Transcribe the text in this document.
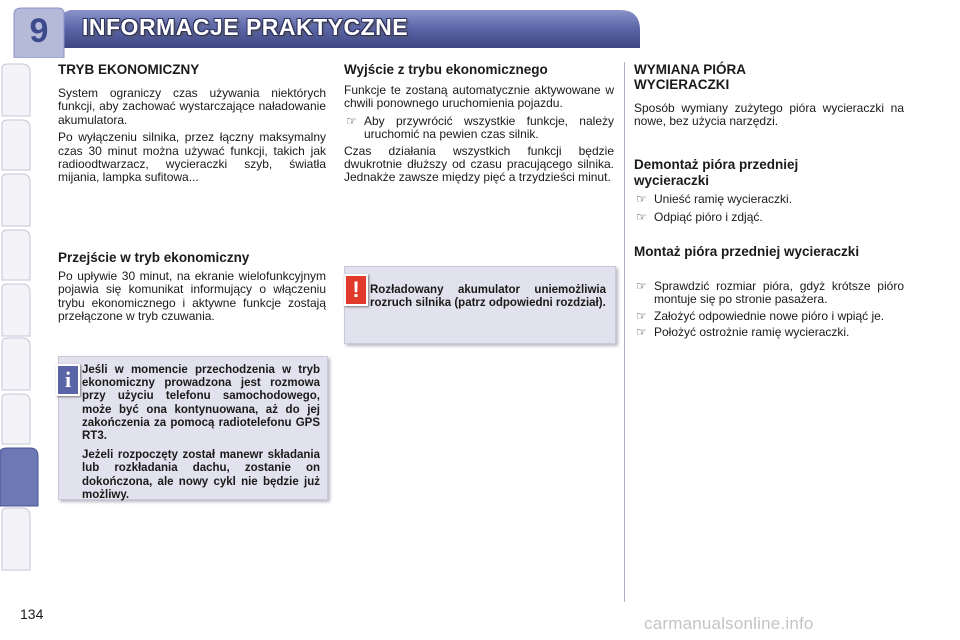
9	INFORMACJE PRAKTYCZNE
TRYB EKONOMICZNY

System ograniczy czas używania niektórych funkcji, aby zachować wystarczające naładowanie akumulatora.

Po wyłączeniu silnika, przez łączny maksymalny czas 30 minut można używać funkcji, takich jak radioodtwarzacz, wycieraczki szyb, światła mijania, lampka sufitowa...

Przejście w tryb ekonomiczny
Po upływie 30 minut, na ekranie wielofunkcyjnym pojawia się komunikat informujący o włączeniu trybu ekonomicznego i aktywne funkcje zostają przełączone w tryb czuwania.
i Jeśli w momencie przechodzenia w tryb ekonomiczny prowadzona jest rozmowa przy użyciu telefonu samochodowego, może być ona kontynuowana, aż do jej zakończenia za pomocą radiotelefonu GPS RT3.

Jeżeli rozpoczęty został manewr składania lub rozkładania dachu, zostanie on dokończona, ale nowy cykl nie będzie już możliwy.

Wyjście z trybu ekonomicznego

Funkcje te zostaną automatycznie aktywowane w chwili ponownego uruchomienia pojazdu.

☞ Aby przywrócić wszystkie funkcje, należy uruchomić na pewien czas silnik.

Czas działania wszystkich funkcji będzie dwukrotnie dłuższy od czasu pracującego silnika. Jednakże zawsze między pięć a trzydzieści minut.

! Rozładowany akumulator uniemożliwia rozruch silnika (patrz odpowiedni rozdział).
WYMIANA PIÓRA WYCIERACZKI
Sposób wymiany zużytego pióra wycieraczki na nowe, bez użycia narzędzi.
Demontaż pióra przedniej wycieraczki
☞ Unieść ramię wycieraczki.
☞ Odpiąć pióro i zdjąć.
Montaż pióra przedniej wycieraczki
☞ Sprawdzić rozmiar pióra, gdyż krótsze pióro montuje się po stronie pasażera.
☞ Założyć odpowiednie nowe pióro i wpiąć je.
☞ Położyć ostrożnie ramię wycieraczki.
134	carmanualsonline.info
